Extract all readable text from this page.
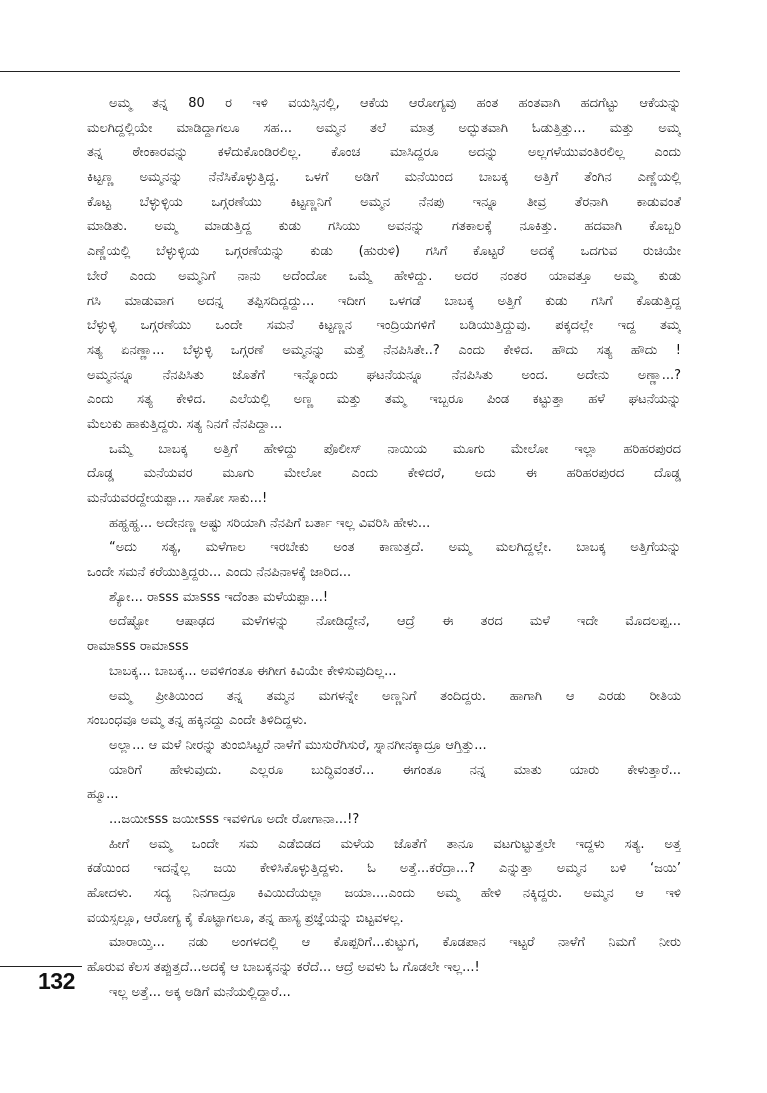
ಅಮ್ಮ ತನ್ನ 80 ರ ಇಳಿ ವಯಸ್ಸಿನಲ್ಲಿ, ಆಕೆಯ ಆರೋಗ್ಯವು ಹಂತ ಹಂತವಾಗಿ ಹದಗೆಟ್ಟು ಆಕೆಯನ್ನು
ಮಲಗಿದ್ದಲ್ಲಿಯೇ ಮಾಡಿದ್ದಾಗಲೂ ಸಹ... ಅಮ್ಮನ ತಲೆ ಮಾತ್ರ ಅದ್ಭುತವಾಗಿ ಓಡುತ್ತಿತ್ತು... ಮತ್ತು ಅಮ್ಮ
ತನ್ನ ಠೇಂಕಾರವನ್ನು ಕಳೆದುಕೊಂಡಿರಲಿಲ್ಲ. ಕೊಂಚ ಮಾಸಿದ್ದರೂ ಅದನ್ನು ಅಲ್ಲಗಳೆಯುವಂತಿರಲಿಲ್ಲ ಎಂದು
ಕಿಟ್ಟಣ್ಣ ಅಮ್ಮನನ್ನು ನೆನೆಸಿಕೊಳ್ಳುತ್ತಿದ್ದ. ಒಳಗೆ ಅಡಿಗೆ ಮನೆಯಿಂದ ಬಾಬಕ್ಕ ಅತ್ತಿಗೆ ತೆಂಗಿನ ಎಣ್ಣೆಯಲ್ಲಿ
ಕೊಟ್ಟ ಬೆಳ್ಳುಳ್ಳಿಯ ಒಗ್ಗರಣೆಯು ಕಿಟ್ಟಣ್ಣನಿಗೆ ಅಮ್ಮನ ನೆನಪು ಇನ್ನೂ ತೀವ್ರ ತೆರನಾಗಿ ಕಾಡುವಂತೆ
ಮಾಡಿತು. ಅಮ್ಮ ಮಾಡುತ್ತಿದ್ದ ಕುಡು ಗಸಿಯು ಅವನನ್ನು ಗತಕಾಲಕ್ಕೆ ನೂಕಿತ್ತು. ಹದವಾಗಿ ಕೊಬ್ಬರಿ
ಎಣ್ಣೆಯಲ್ಲಿ ಬೆಳ್ಳುಳ್ಳಿಯ ಒಗ್ಗರಣೆಯನ್ನು ಕುಡು (ಹುರುಳಿ) ಗಸಿಗೆ ಕೊಟ್ಟರೆ ಅದಕ್ಕೆ ಒದಗುವ ರುಚಿಯೇ
ಬೇರೆ ಎಂದು ಅಮ್ಮನಿಗೆ ನಾನು ಅದೆಂದೋ ಒಮ್ಮೆ ಹೇಳಿದ್ದು. ಅದರ ನಂತರ ಯಾವತ್ತೂ ಅಮ್ಮ ಕುಡು
ಗಸಿ ಮಾಡುವಾಗ ಅದನ್ನ ತಪ್ಪಿಸದಿದ್ದದ್ದು... ಇದೀಗ ಒಳಗಡೆ ಬಾಬಕ್ಕ ಅತ್ತಿಗೆ ಕುಡು ಗಸಿಗೆ ಕೊಡುತ್ತಿದ್ದ
ಬೆಳ್ಳುಳ್ಳಿ ಒಗ್ಗರಣೆಯು ಒಂದೇ ಸಮನೆ ಕಿಟ್ಟಣ್ಣನ ಇಂದ್ರಿಯಗಳಿಗೆ ಬಡಿಯುತ್ತಿದ್ದುವು. ಪಕ್ಕದಲ್ಲೇ ಇದ್ದ ತಮ್ಮ
ಸತ್ಯ ಏನಣ್ಣಾ... ಬೆಳ್ಳುಳ್ಳಿ ಒಗ್ಗರಣೆ ಅಮ್ಮನನ್ನು ಮತ್ತೆ ನೆನಪಿಸಿತೇ..? ಎಂದು ಕೇಳಿದ. ಹೌದು ಸತ್ಯ ಹೌದು !
ಅಮ್ಮನನ್ನೂ ನೆನಪಿಸಿತು ಜೊತೆಗೆ ಇನ್ನೊಂದು ಘಟನೆಯನ್ನೂ ನೆನಪಿಸಿತು ಅಂದ. ಅದೇನು ಅಣ್ಣಾ...?
ಎಂದು ಸತ್ಯ ಕೇಳಿದ. ಎಲೆಯಲ್ಲಿ ಅಣ್ಣ ಮತ್ತು ತಮ್ಮ ಇಬ್ಬರೂ ಪಿಂಡ ಕಟ್ಟುತ್ತಾ ಹಳೆ ಘಟನೆಯನ್ನು
ಮೆಲುಕು ಹಾಕುತ್ತಿದ್ದರು. ಸತ್ಯ ನಿನಗೆ ನೆನಪಿದ್ದಾ...
ಒಮ್ಮೆ ಬಾಬಕ್ಕ ಅತ್ತಿಗೆ ಹೇಳಿದ್ದು ಪೊಲೀಸ್ ನಾಯಿಯ ಮೂಗು ಮೇಲೋ ಇಲ್ಲಾ ಹರಿಹರಪುರದ
ದೊಡ್ಡ ಮನೆಯವರ ಮೂಗು ಮೇಲೋ ಎಂದು ಕೇಳಿದರೆ, ಅದು ಈ ಹರಿಹರಪುರದ ದೊಡ್ಡ
ಮನೆಯವರದ್ದೇಯಪ್ಪಾ... ಸಾಕೋ ಸಾಕು...!
ಹಹ್ಹಹ್ಹ... ಅದೇನಣ್ಣ ಅಷ್ಟು ಸರಿಯಾಗಿ ನೆನಪಿಗೆ ಬರ್ತಾ ಇಲ್ಲ ವಿವರಿಸಿ ಹೇಳು...
“ಅದು ಸತ್ಯ, ಮಳೆಗಾಲ ಇರಬೇಕು ಅಂತ ಕಾಣುತ್ತದೆ. ಅಮ್ಮ ಮಲಗಿದ್ದಲ್ಲೇ. ಬಾಬಕ್ಕ ಅತ್ತಿಗೆಯನ್ನು
ಒಂದೇ ಸಮನೆ ಕರೆಯುತ್ತಿದ್ದರು... ಎಂದು ನೆನಪಿನಾಳಕ್ಕೆ ಜಾರಿದ...
ಶ್ಯೋ... ರಾsss ಮಾsss ಇದೆಂತಾ ಮಳೆಯಪ್ಪಾ...!
ಅದೆಷ್ಟೋ ಆಷಾಢದ ಮಳೆಗಳನ್ನು ನೋಡಿದ್ದೇನೆ, ಆದ್ರೆ ಈ ತರದ ಮಳೆ ಇದೇ ಮೊದಲಪ್ಪ...
ರಾಮಾsss ರಾಮಾsss
ಬಾಬಕ್ಕ... ಬಾಬಕ್ಕ... ಅವಳಿಗಂತೂ ಈಗೀಗ ಕಿವಿಯೇ ಕೇಳಿಸುವುದಿಲ್ಲ...
ಅಮ್ಮ ಪ್ರೀತಿಯಿಂದ ತನ್ನ ತಮ್ಮನ ಮಗಳನ್ನೇ ಅಣ್ಣನಿಗೆ ತಂದಿದ್ದರು. ಹಾಗಾಗಿ ಆ ಎರಡು ರೀತಿಯ
ಸಂಬಂಧವೂ ಅಮ್ಮ ತನ್ನ ಹಕ್ಕಿನದ್ದು ಎಂದೇ ತಿಳಿದಿದ್ದಳು.
ಅಲ್ಲಾ... ಆ ಮಳೆ ನೀರನ್ನು ತುಂಬಿಸಿಟ್ಟರೆ ನಾಳೆಗೆ ಮುಸುರೆಗಿಸುರೆ, ಸ್ನಾನಗೀನಕ್ಕಾದ್ರೂ ಆಗ್ತಿತ್ತು...
ಯಾರಿಗೆ ಹೇಳುವುದು. ಎಲ್ಲರೂ ಬುದ್ಧಿವಂತರೆ... ಈಗಂತೂ ನನ್ನ ಮಾತು ಯಾರು ಕೇಳುತ್ತಾರೆ...
ಹ್ಮೂ...
...ಜಯೀsss ಜಯೀsss ಇವಳಿಗೂ ಅದೇ ರೋಗಾನಾ...!?
ಹೀಗೆ ಅಮ್ಮ ಒಂದೇ ಸಮ ಎಡೆಬಿಡದ ಮಳೆಯ ಜೊತೆಗೆ ತಾನೂ ವಟಗುಟ್ಟುತ್ತಲೇ ಇದ್ದಳು ಸತ್ಯ. ಅತ್ತ
ಕಡೆಯಿಂದ ಇದನ್ನೆಲ್ಲ ಜಯಿ ಕೇಳಿಸಿಕೊಳ್ಳುತ್ತಿದ್ದಳು. ಓ ಅತ್ತೆ...ಕರೆದ್ರಾ...? ಎನ್ನುತ್ತಾ ಅಮ್ಮನ ಬಳಿ ‘ಜಯಿ’
ಹೋದಳು. ಸದ್ಯ ನಿನಗಾದ್ರೂ ಕಿವಿಯಿದೆಯಲ್ಲಾ ಜಯಾ....ಎಂದು ಅಮ್ಮ ಹೇಳಿ ನಕ್ಕಿದ್ದರು. ಅಮ್ಮನ ಆ ಇಳಿ
ವಯಸ್ಸಲ್ಲೂ, ಆರೋಗ್ಯ ಕೈ ಕೊಟ್ಟಾಗಲೂ, ತನ್ನ ಹಾಸ್ಯ ಪ್ರಜ್ಞೆಯನ್ನು ಬಿಟ್ಟವಳಲ್ಲ.
ಮಾರಾಯ್ತಿ... ನಡು ಅಂಗಳದಲ್ಲಿ ಆ ಕೊಪ್ಪರಿಗೆ...ಕುಟ್ಟುಗ, ಕೊಡಪಾನ ಇಟ್ಟರೆ ನಾಳೆಗೆ ನಿಮಗೆ ನೀರು
ಹೊರುವ ಕೆಲಸ ತಪ್ಪುತ್ತದೆ...ಅದಕ್ಕೆ ಆ ಬಾಬಕ್ಕನನ್ನು ಕರೆದೆ... ಆದ್ರೆ ಅವಳು ಓ ಗೊಡಲೇ ಇಲ್ಲ...!
ಇಲ್ಲ ಅತ್ತೆ... ಅಕ್ಕ ಅಡಿಗೆ ಮನೆಯಲ್ಲಿದ್ದಾರೆ...
132
